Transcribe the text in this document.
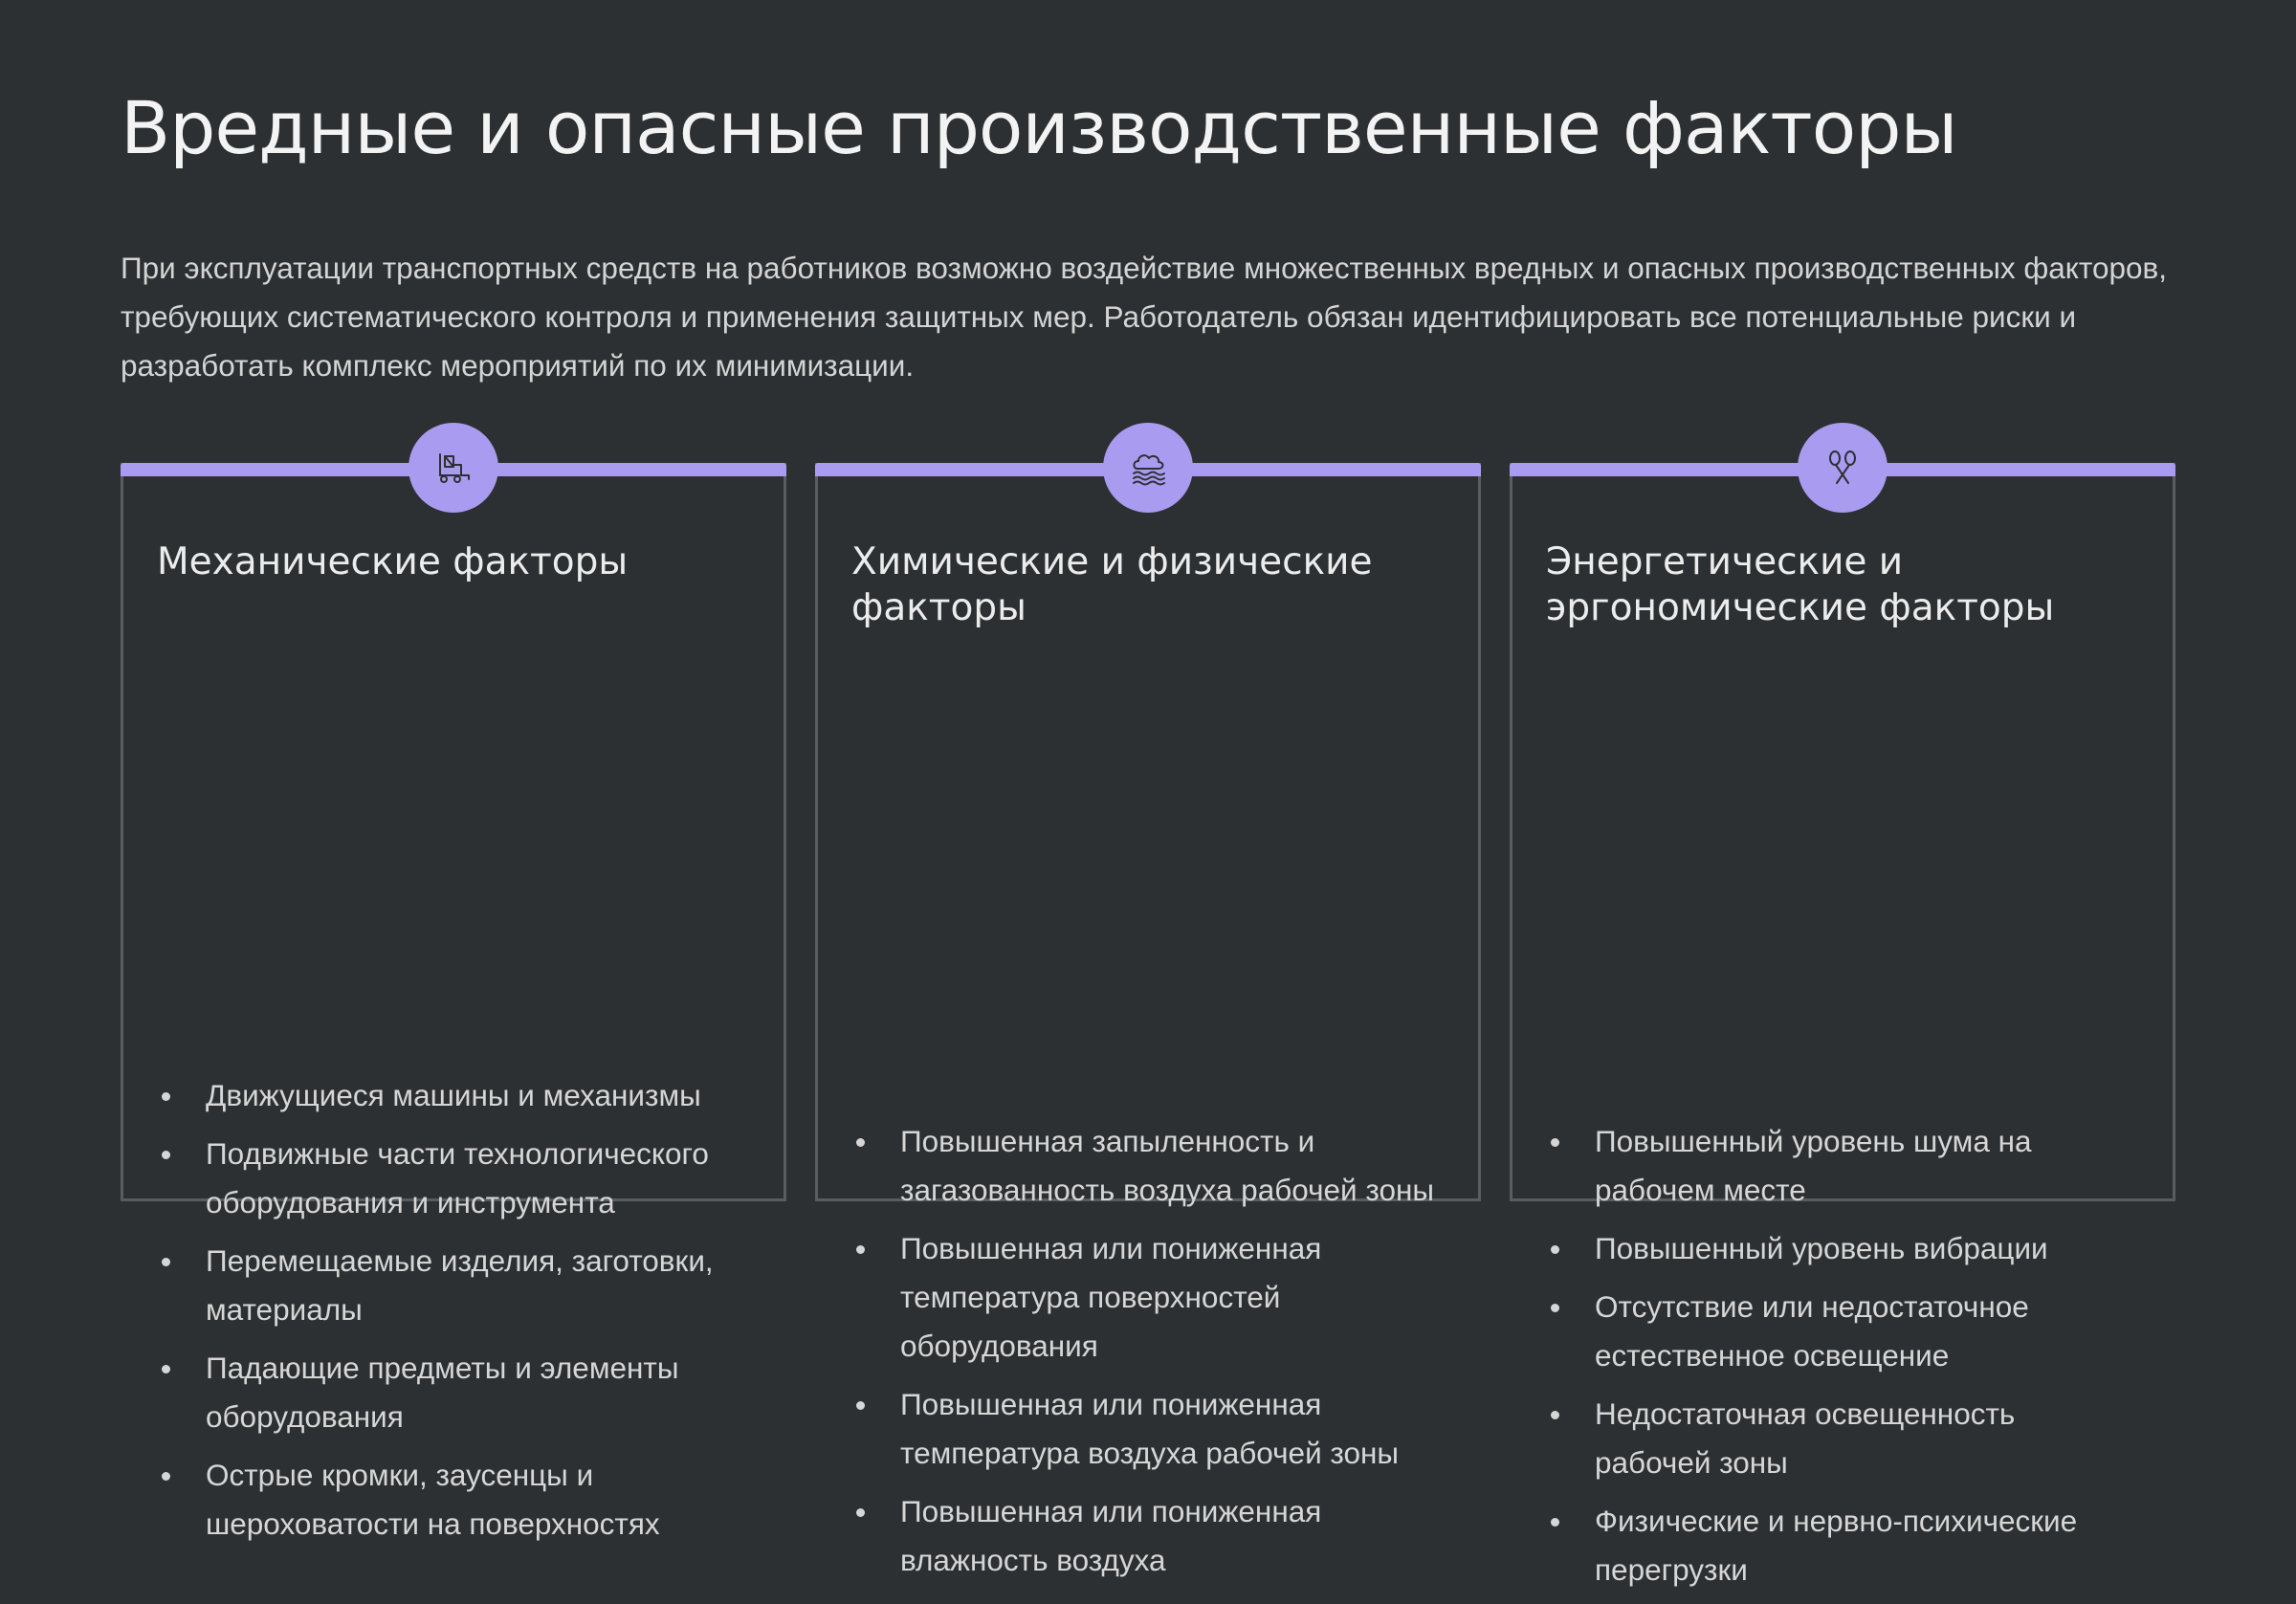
Вредные и опасные производственные факторы

При эксплуатации транспортных средств на работников возможно воздействие множественных вредных и опасных производственных факторов, требующих систематического контроля и применения защитных мер. Работодатель обязан идентифицировать все потенциальные риски и разработать комплекс мероприятий по их минимизации.

Механические факторы
Движущиеся машины и механизмы
Подвижные части технологического оборудования и инструмента
Перемещаемые изделия, заготовки, материалы
Падающие предметы и элементы оборудования
Острые кромки, заусенцы и шероховатости на поверхностях
Химические и физические факторы
Повышенная запыленность и загазованность воздуха рабочей зоны
Повышенная или пониженная температура поверхностей оборудования
Повышенная или пониженная температура воздуха рабочей зоны
Повышенная или пониженная влажность воздуха
Энергетические и эргономические факторы
Повышенный уровень шума на рабочем месте
Повышенный уровень вибрации
Отсутствие или недостаточное естественное освещение
Недостаточная освещенность рабочей зоны
Физические и нервно-психические перегрузки
